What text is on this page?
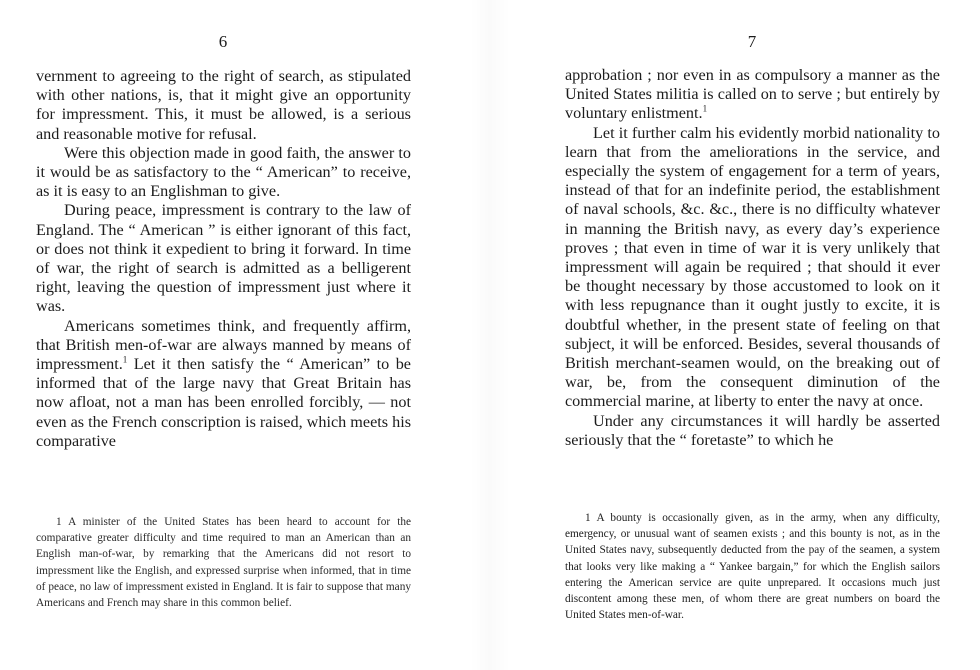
6

vernment to agreeing to the right of search, as stipulated with other nations, is, that it might give an opportunity for impressment. This, it must be allowed, is a serious and reasonable motive for refusal.

Were this objection made in good faith, the answer to it would be as satisfactory to the “ American” to receive, as it is easy to an Englishman to give.

During peace, impressment is contrary to the law of England. The “ American ” is either ignorant of this fact, or does not think it expedient to bring it forward. In time of war, the right of search is admitted as a belligerent right, leaving the question of impressment just where it was.

Americans sometimes think, and frequently affirm, that British men-of-war are always manned by means of impressment.$^1$ Let it then satisfy the “ American” to be informed that of the large navy that Great Britain has now afloat, not a man has been enrolled forcibly, — not even as the French conscription is raised, which meets his comparative

1 A minister of the United States has been heard to account for the comparative greater difficulty and time required to man an American than an English man-of-war, by remarking that the Americans did not resort to impressment like the English, and expressed surprise when informed, that in time of peace, no law of impressment existed in England. It is fair to suppose that many Americans and French may share in this common belief.

7

approbation ; nor even in as compulsory a manner as the United States militia is called on to serve ; but entirely by voluntary enlistment.$^1$

Let it further calm his evidently morbid nationality to learn that from the ameliorations in the service, and especially the system of engagement for a term of years, instead of that for an indefinite period, the establishment of naval schools, &c. &c., there is no difficulty whatever in manning the British navy, as every day’s experience proves ; that even in time of war it is very unlikely that impressment will again be required ; that should it ever be thought necessary by those accustomed to look on it with less repugnance than it ought justly to excite, it is doubtful whether, in the present state of feeling on that subject, it will be enforced. Besides, several thousands of British merchant-seamen would, on the breaking out of war, be, from the consequent diminution of the commercial marine, at liberty to enter the navy at once.

Under any circumstances it will hardly be asserted seriously that the “ foretaste” to which he

1 A bounty is occasionally given, as in the army, when any difficulty, emergency, or unusual want of seamen exists ; and this bounty is not, as in the United States navy, subsequently deducted from the pay of the seamen, a system that looks very like making a “ Yankee bargain,” for which the English sailors entering the American service are quite unprepared. It occasions much just discontent among these men, of whom there are great numbers on board the United States men-of-war.
